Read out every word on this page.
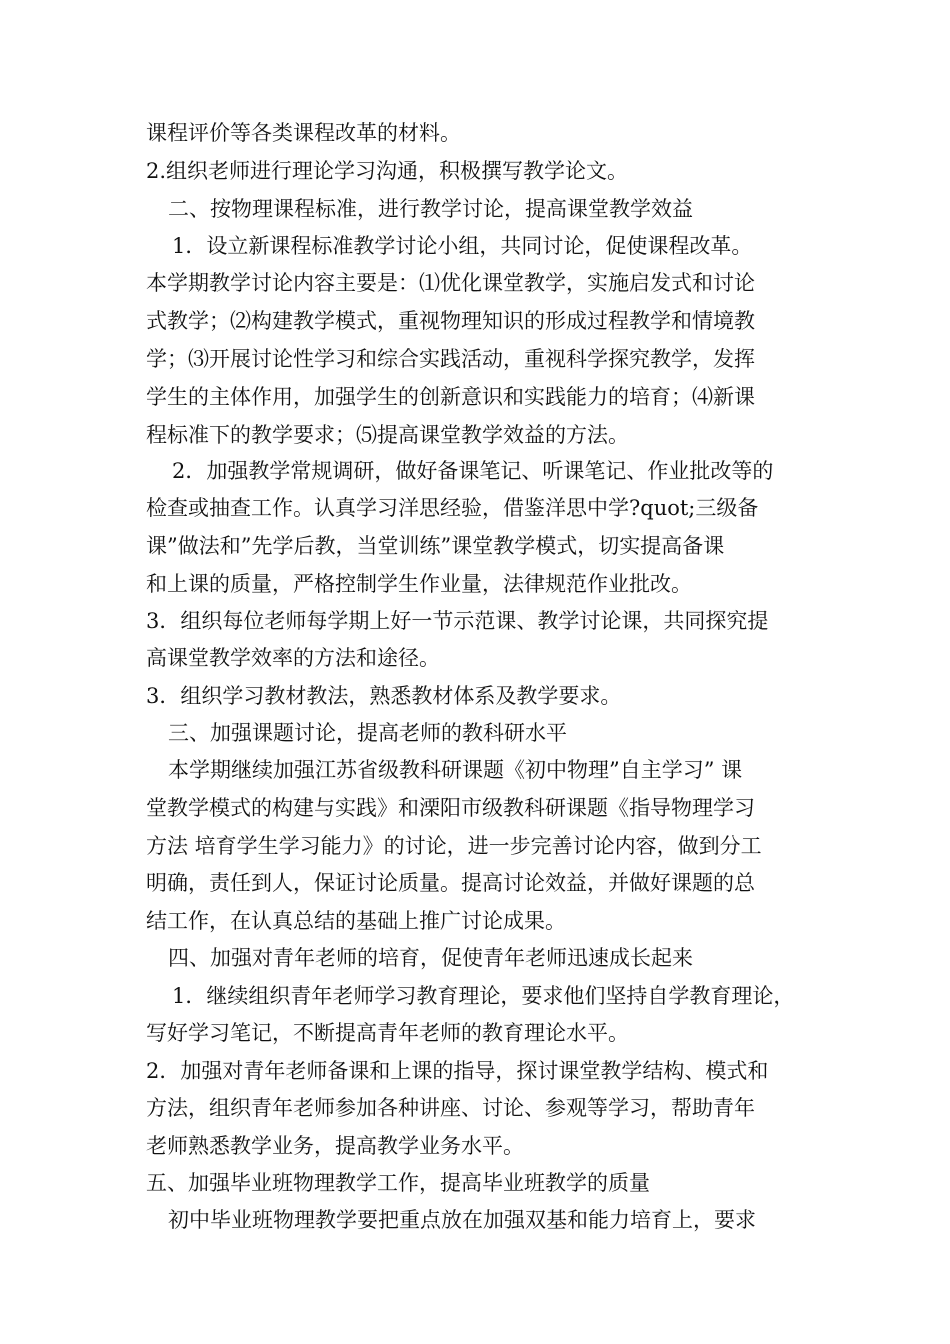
课程评价等各类课程改革的材料。
2.组织老师进行理论学习沟通，积极撰写教学论文。
二、按物理课程标准，进行教学讨论，提高课堂教学效益
1．设立新课程标准教学讨论小组，共同讨论，促使课程改革。
本学期教学讨论内容主要是：⑴优化课堂教学，实施启发式和讨论
式教学；⑵构建教学模式，重视物理知识的形成过程教学和情境教
学；⑶开展讨论性学习和综合实践活动，重视科学探究教学，发挥
学生的主体作用，加强学生的创新意识和实践能力的培育；⑷新课
程标准下的教学要求；⑸提高课堂教学效益的方法。
2．加强教学常规调研，做好备课笔记、听课笔记、作业批改等的
检查或抽查工作。认真学习洋思经验，借鉴洋思中学?quot;三级备
课”做法和”先学后教，当堂训练”课堂教学模式，切实提高备课
和上课的质量，严格控制学生作业量，法律规范作业批改。
3．组织每位老师每学期上好一节示范课、教学讨论课，共同探究提
高课堂教学效率的方法和途径。
3．组织学习教材教法，熟悉教材体系及教学要求。
三、加强课题讨论，提高老师的教科研水平
本学期继续加强江苏省级教科研课题《初中物理”自主学习” 课
堂教学模式的构建与实践》和溧阳市级教科研课题《指导物理学习
方法 培育学生学习能力》的讨论，进一步完善讨论内容，做到分工
明确，责任到人，保证讨论质量。提高讨论效益，并做好课题的总
结工作，在认真总结的基础上推广讨论成果。
四、加强对青年老师的培育，促使青年老师迅速成长起来
1．继续组织青年老师学习教育理论，要求他们坚持自学教育理论，
写好学习笔记，不断提高青年老师的教育理论水平。
2．加强对青年老师备课和上课的指导，探讨课堂教学结构、模式和
方法，组织青年老师参加各种讲座、讨论、参观等学习，帮助青年
老师熟悉教学业务，提高教学业务水平。
五、加强毕业班物理教学工作，提高毕业班教学的质量
初中毕业班物理教学要把重点放在加强双基和能力培育上，要求
